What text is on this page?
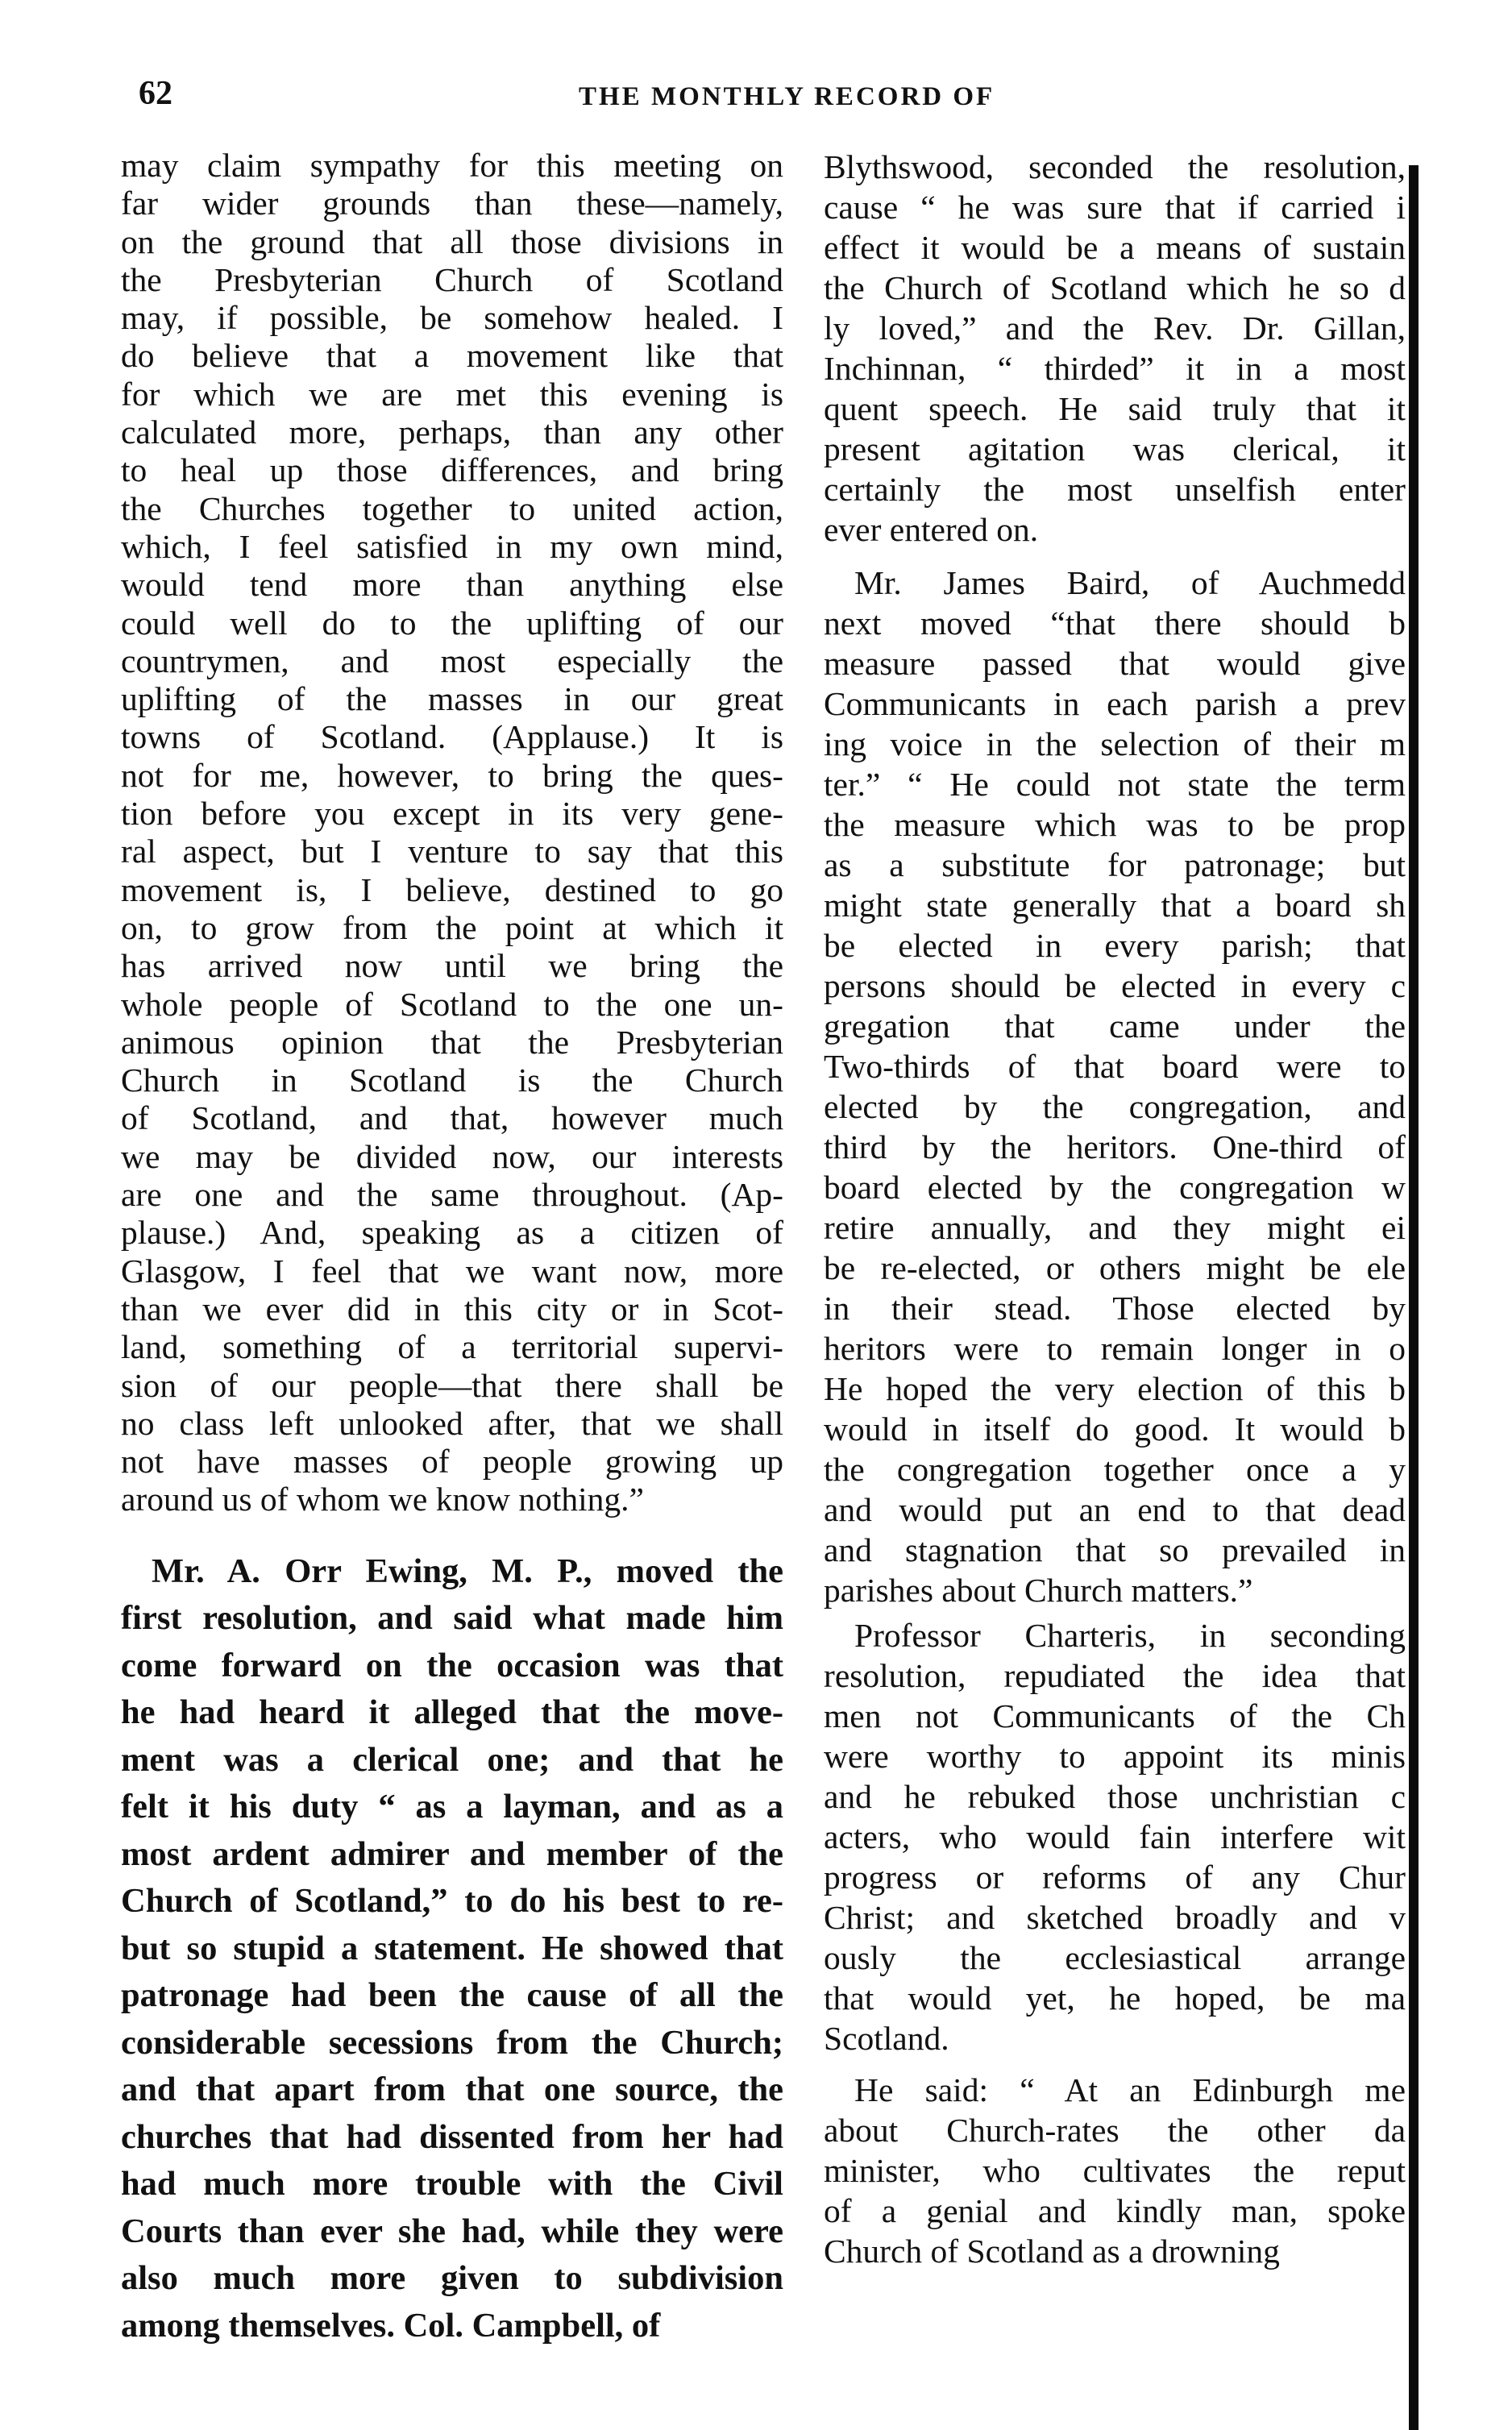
62	THE MONTHLY RECORD OF
may claim sympathy for this meeting on
far wider grounds than these—namely,
on the ground that all those divisions in
the Presbyterian Church of Scotland
may, if possible, be somehow healed. I
do believe that a movement like that
for which we are met this evening is
calculated more, perhaps, than any other
to heal up those differences, and bring
the Churches together to united action,
which, I feel satisfied in my own mind,
would tend more than anything else
could well do to the uplifting of our
countrymen, and most especially the
uplifting of the masses in our great
towns of Scotland. (Applause.) It is
not for me, however, to bring the ques-
tion before you except in its very gene-
ral aspect, but I venture to say that this
movement is, I believe, destined to go
on, to grow from the point at which it
has arrived now until we bring the
whole people of Scotland to the one un-
animous opinion that the Presbyterian
Church in Scotland is the Church
of Scotland, and that, however much
we may be divided now, our interests
are one and the same throughout. (Ap-
plause.) And, speaking as a citizen of
Glasgow, I feel that we want now, more
than we ever did in this city or in Scot-
land, something of a territorial supervi-
sion of our people—that there shall be
no class left unlooked after, that we shall
not have masses of people growing up
around us of whom we know nothing.”
Mr. A. Orr Ewing, M. P., moved the
first resolution, and said what made him
come forward on the occasion was that
he had heard it alleged that the move-
ment was a clerical one; and that he
felt it his duty “ as a layman, and as a
most ardent admirer and member of the
Church of Scotland,” to do his best to re-
but so stupid a statement. He showed that
patronage had been the cause of all the
considerable secessions from the Church;
and that apart from that one source, the
churches that had dissented from her had
had much more trouble with the Civil
Courts than ever she had, while they were
also much more given to subdivision
among themselves. Col. Campbell, of
Blythswood, seconded the resolution,
cause “ he was sure that if carried i
effect it would be a means of sustain
the Church of Scotland which he so d
ly loved,” and the Rev. Dr. Gillan,
Inchinnan, “ thirded” it in a most
quent speech. He said truly that it
present agitation was clerical, it
certainly the most unselfish enter
ever entered on.
Mr. James Baird, of Auchmedd
next moved “that there should b
measure passed that would give
Communicants in each parish a prev
ing voice in the selection of their m
ter.” “ He could not state the term
the measure which was to be prop
as a substitute for patronage; but
might state generally that a board sh
be elected in every parish; that
persons should be elected in every c
gregation that came under the
Two-thirds of that board were to
elected by the congregation, and
third by the heritors. One-third of
board elected by the congregation w
retire annually, and they might ei
be re-elected, or others might be ele
in their stead. Those elected by
heritors were to remain longer in o
He hoped the very election of this b
would in itself do good. It would b
the congregation together once a y
and would put an end to that dead
and stagnation that so prevailed in
parishes about Church matters.”
Professor Charteris, in seconding
resolution, repudiated the idea that
men not Communicants of the Ch
were worthy to appoint its minis
and he rebuked those unchristian c
acters, who would fain interfere wit
progress or reforms of any Chur
Christ; and sketched broadly and v
ously the ecclesiastical arrange
that would yet, he hoped, be ma
Scotland.
He said: “ At an Edinburgh me
about Church-rates the other da
minister, who cultivates the reput
of a genial and kindly man, spoke
Church of Scotland as a drowning
